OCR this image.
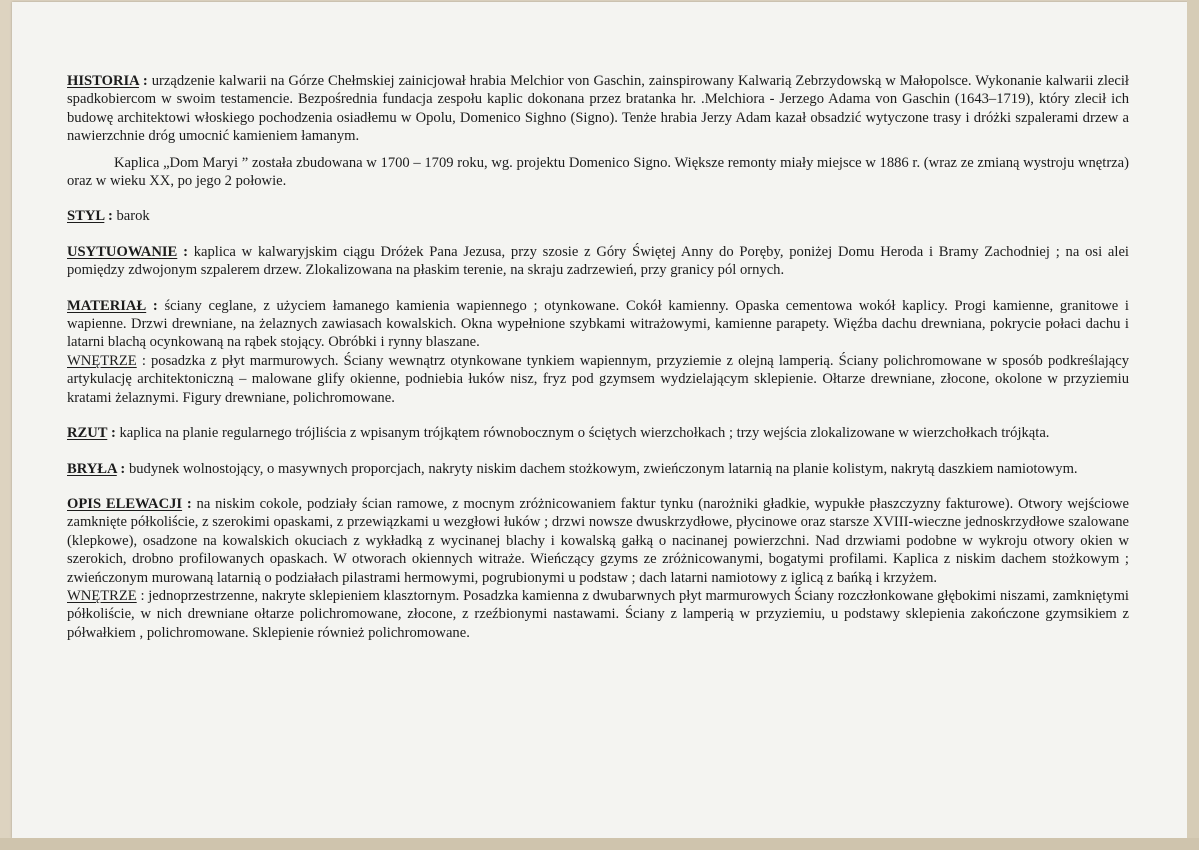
HISTORIA : urządzenie kalwarii na Górze Chełmskiej zainicjował hrabia Melchior von Gaschin, zainspirowany Kalwarią Zebrzydowską w Małopolsce. Wykonanie kalwarii zlecił spadkobiercom w swoim testamencie. Bezpośrednia fundacja zespołu kaplic dokonana przez bratanka hr. .Melchiora - Jerzego Adama von Gaschin (1643–1719), który zlecił ich budowę architektowi włoskiego pochodzenia osiadłemu w Opolu, Domenico Sighno (Signo). Tenże hrabia Jerzy Adam kazał obsadzić wytyczone trasy i dróżki szpalerami drzew a nawierzchnie dróg umocnić kamieniem łamanym.

Kaplica „Dom Maryi ” została zbudowana w 1700 – 1709 roku, wg. projektu Domenico Signo. Większe remonty miały miejsce w 1886 r. (wraz ze zmianą wystroju wnętrza) oraz w wieku XX, po jego 2 połowie.

STYL : barok

USYTUOWANIE : kaplica w kalwaryjskim ciągu Dróżek Pana Jezusa, przy szosie z Góry Świętej Anny do Poręby, poniżej Domu Heroda i Bramy Zachodniej ; na osi alei pomiędzy zdwojonym szpalerem drzew. Zlokalizowana na płaskim terenie, na skraju zadrzewień, przy granicy pól ornych.

MATERIAŁ : ściany ceglane, z użyciem łamanego kamienia wapiennego ; otynkowane. Cokół kamienny. Opaska cementowa wokół kaplicy. Progi kamienne, granitowe i wapienne. Drzwi drewniane, na żelaznych zawiasach kowalskich. Okna wypełnione szybkami witrażowymi, kamienne parapety. Więźba dachu drewniana, pokrycie połaci dachu i latarni blachą ocynkowaną na rąbek stojący. Obróbki i rynny blaszane.

WNĘTRZE : posadzka z płyt marmurowych. Ściany wewnątrz otynkowane tynkiem wapiennym, przyziemie z olejną lamperią. Ściany polichromowane w sposób podkreślający artykulację architektoniczną – malowane glify okienne, podniebia łuków nisz, fryz pod gzymsem wydzielającym sklepienie. Ołtarze drewniane, złocone, okolone w przyziemiu kratami żelaznymi. Figury drewniane, polichromowane.

RZUT : kaplica na planie regularnego trójliścia z wpisanym trójkątem równobocznym o ściętych wierzchołkach ; trzy wejścia zlokalizowane w wierzchołkach trójkąta.

BRYŁA : budynek wolnostojący, o masywnych proporcjach, nakryty niskim dachem stożkowym, zwieńczonym latarnią na planie kolistym, nakrytą daszkiem namiotowym.

OPIS ELEWACJI : na niskim cokole, podziały ścian ramowe, z mocnym zróżnicowaniem faktur tynku (narożniki gładkie, wypukłe płaszczyzny fakturowe). Otwory wejściowe zamknięte półkoliście, z szerokimi opaskami, z przewiązkami u wezgłowi łuków ; drzwi nowsze dwuskrzydłowe, płycinowe oraz starsze XVIII-wieczne jednoskrzydłowe szalowane (klepkowe), osadzone na kowalskich okuciach z wykładką z wycinanej blachy i kowalską gałką o nacinanej powierzchni. Nad drzwiami podobne w wykroju otwory okien w szerokich, drobno profilowanych opaskach. W otworach okiennych witraże. Wieńczący gzyms ze zróżnicowanymi, bogatymi profilami. Kaplica z niskim dachem stożkowym ; zwieńczonym murowaną latarnią o podziałach pilastrami hermowymi, pogrubionymi u podstaw ; dach latarni namiotowy z iglicą z bańką i krzyżem.

WNĘTRZE : jednoprzestrzenne, nakryte sklepieniem klasztornym. Posadzka kamienna z dwubarwnych płyt marmurowych Ściany rozczłonkowane głębokimi niszami, zamkniętymi półkoliście, w nich drewniane ołtarze polichromowane, złocone, z rzeźbionymi nastawami. Ściany z lamperią w przyziemiu, u podstawy sklepienia zakończone gzymsikiem z półwałkiem , polichromowane. Sklepienie również polichromowane.
